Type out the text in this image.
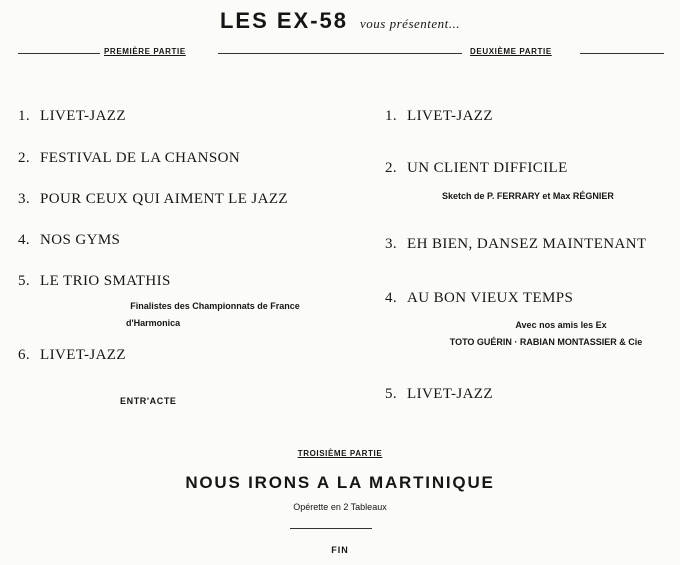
LES EX-58 vous présentent...
PREMIÈRE PARTIE	DEUXIÈME PARTIE
1. LIVET-JAZZ
2. FESTIVAL DE LA CHANSON
3. POUR CEUX QUI AIMENT LE JAZZ
4. NOS GYMS
5. LE TRIO SMATHIS
Finalistes des Championnats de France
d'Harmonica
6. LIVET-JAZZ
ENTR'ACTE
1. LIVET-JAZZ
2. UN CLIENT DIFFICILE
Sketch de P. FERRARY et Max RÉGNIER
3. EH BIEN, DANSEZ MAINTENANT
4. AU BON VIEUX TEMPS
Avec nos amis les Ex
TOTO GUÉRIN · RABIAN MONTASSIER & Cie
5. LIVET-JAZZ
TROISIÈME PARTIE
NOUS IRONS A LA MARTINIQUE
Opérette en 2 Tableaux
FIN
